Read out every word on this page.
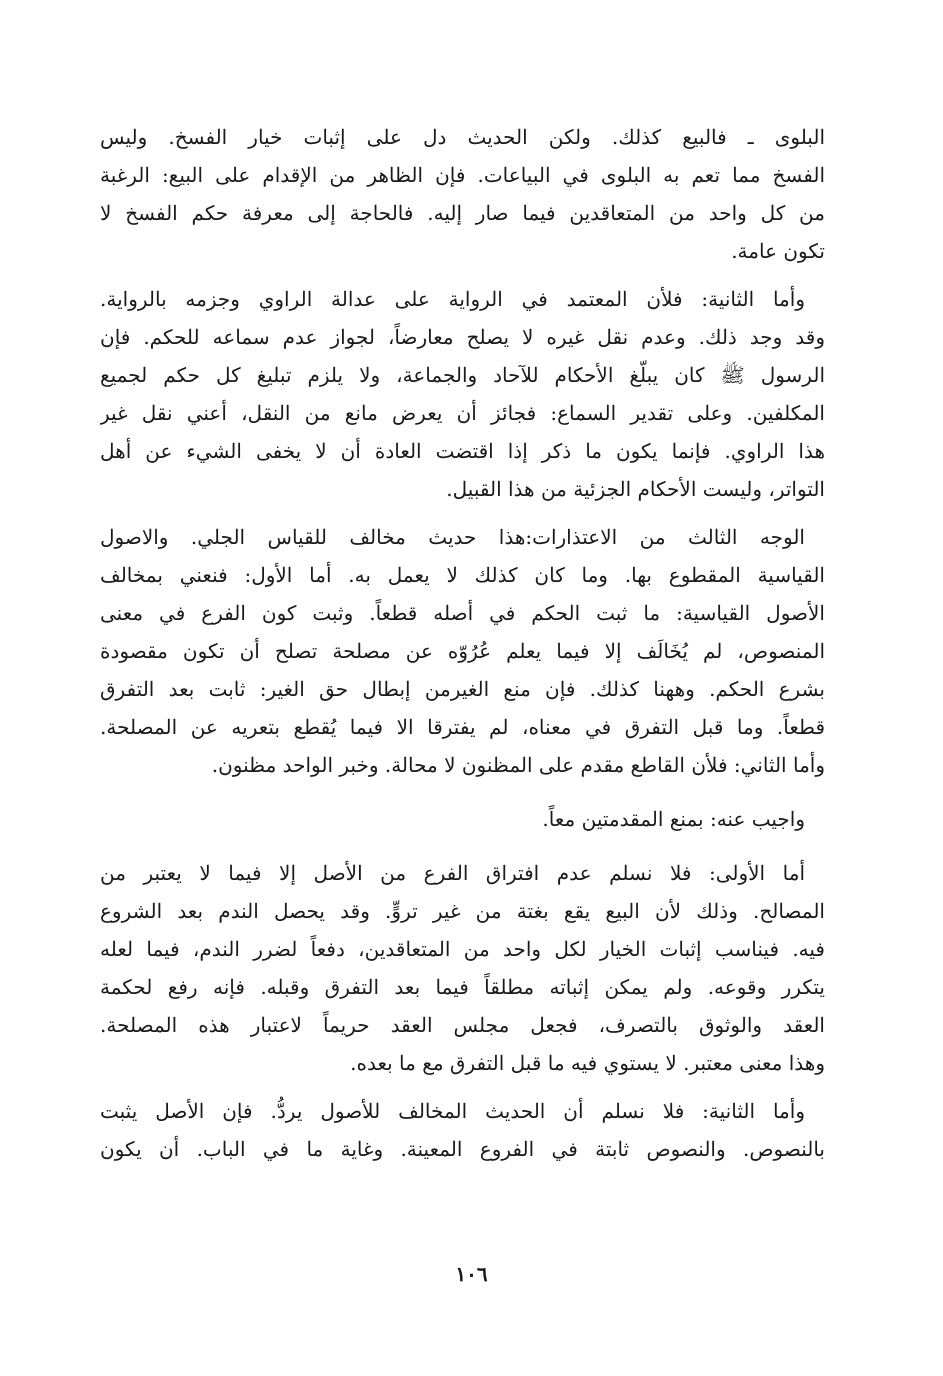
البلوى ـ فالبيع كذلك. ولكن الحديث دل على إثبات خيار الفسخ. وليس
الفسخ مما تعم به البلوى في البياعات. فإن الظاهر من الإقدام على البيع: الرغبة
من كل واحد من المتعاقدين فيما صار إليه. فالحاجة إلى معرفة حكم الفسخ لا
تكون عامة.
وأما الثانية: فلأن المعتمد في الرواية على عدالة الراوي وجزمه بالرواية.
وقد وجد ذلك. وعدم نقل غيره لا يصلح معارضاً، لجواز عدم سماعه للحكم. فإن
الرسول ﷺ كان يبلّغ الأحكام للآحاد والجماعة، ولا يلزم تبليغ كل حكم لجميع
المكلفين. وعلى تقدير السماع: فجائز أن يعرض مانع من النقل، أعني نقل غير
هذا الراوي. فإنما يكون ما ذكر إذا اقتضت العادة أن لا يخفى الشيء عن أهل
التواتر، وليست الأحكام الجزئية من هذا القبيل.
الوجه الثالث من الاعتذارات:هذا حديث مخالف للقياس الجلي. والاصول
القياسية المقطوع بها. وما كان كذلك لا يعمل به. أما الأول: فنعني بمخالف
الأصول القياسية: ما ثبت الحكم في أصله قطعاً. وثبت كون الفرع في معنى
المنصوص، لم يُخَالَف إلا فيما يعلم عُرُوّه عن مصلحة تصلح أن تكون مقصودة
بشرع الحكم. وههنا كذلك. فإن منع الغيرمن إبطال حق الغير: ثابت بعد التفرق
قطعاً. وما قبل التفرق في معناه، لم يفترقا الا فيما يُقطع بتعريه عن المصلحة.
وأما الثاني: فلأن القاطع مقدم على المظنون لا محالة. وخبر الواحد مظنون.
واجيب عنه: بمنع المقدمتين معاً.
أما الأولى: فلا نسلم عدم افتراق الفرع من الأصل إلا فيما لا يعتبر من
المصالح. وذلك لأن البيع يقع بغتة من غير تروٍّ. وقد يحصل الندم بعد الشروع
فيه. فيناسب إثبات الخيار لكل واحد من المتعاقدين، دفعاً لضرر الندم، فيما لعله
يتكرر وقوعه. ولم يمكن إثباته مطلقاً فيما بعد التفرق وقبله. فإنه رفع لحكمة
العقد والوثوق بالتصرف، فجعل مجلس العقد حريماً لاعتبار هذه المصلحة.
وهذا معنى معتبر. لا يستوي فيه ما قبل التفرق مع ما بعده.
وأما الثانية: فلا نسلم أن الحديث المخالف للأصول يردُّ. فإن الأصل يثبت
بالنصوص. والنصوص ثابتة في الفروع المعينة. وغاية ما في الباب. أن يكون
١٠٦
